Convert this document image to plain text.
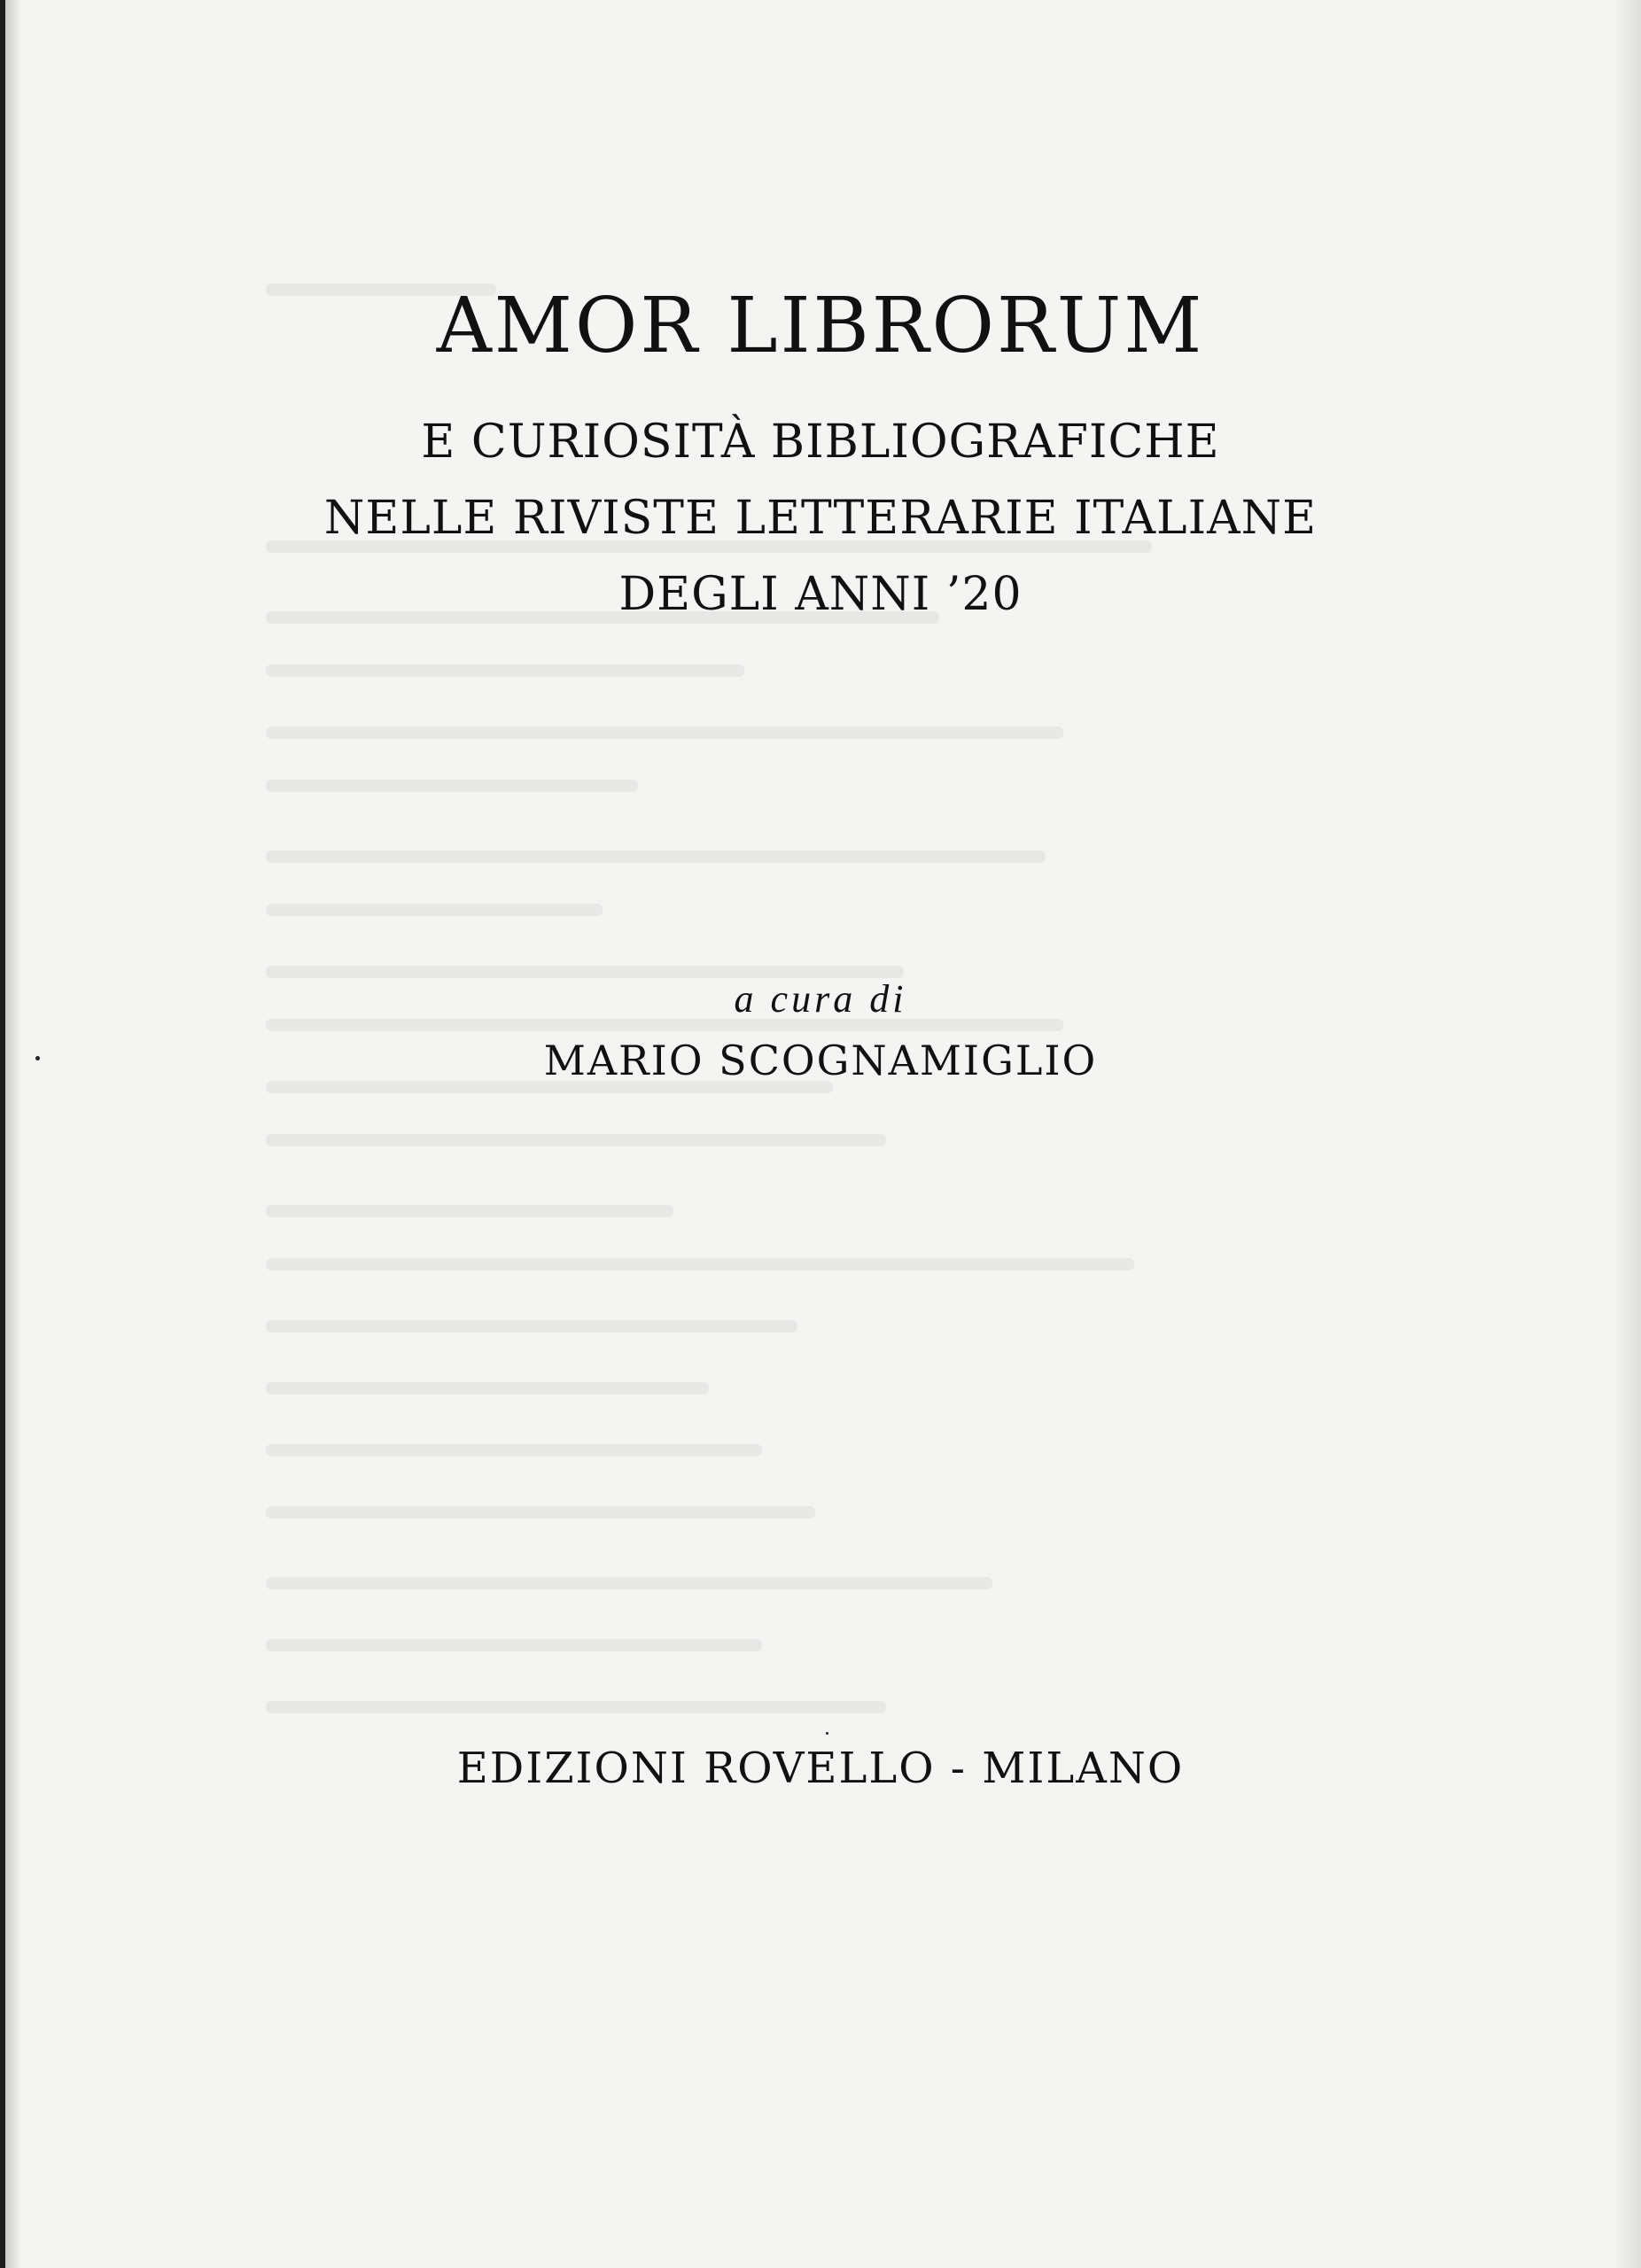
AMOR LIBRORUM
E CURIOSITÀ BIBLIOGRAFICHE
NELLE RIVISTE LETTERARIE ITALIANE
DEGLI ANNI ’20
a cura di
MARIO SCOGNAMIGLIO
EDIZIONI ROVELLO - MILANO
